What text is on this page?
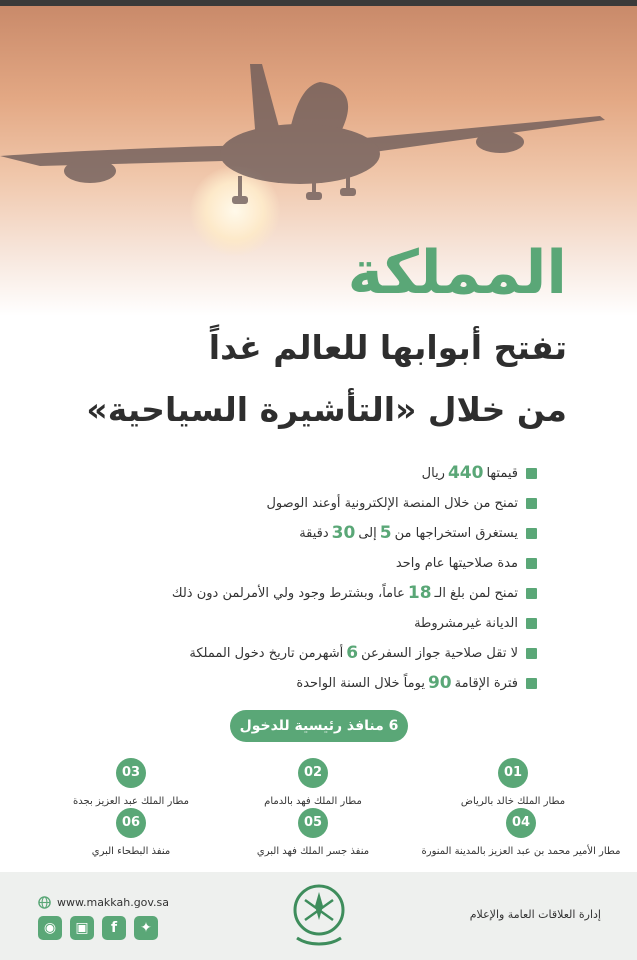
المملكة
تفتح أبوابها للعالم غداً
من خلال «التأشيرة السياحية»
قيمتها
440
ريال
تمنح من خلال المنصة الإلكترونية أوعند الوصول
يستغرق استخراجها من
5
إلى
30
دقيقة
مدة صلاحيتها عام واحد
تمنح لمن بلغ الـ
18
عاماً، وبشترط وجود ولي الأمرلمن دون ذلك
الديانة غيرمشروطة
لا تقل صلاحية جواز السفرعن
6
أشهرمن تاريخ دخول المملكة
فترة الإقامة
90
يوماً خلال السنة الواحدة
6 منافذ رئيسية للدخول
01
مطار الملك خالد بالرياض
02
مطار الملك فهد بالدمام
03
مطار الملك عبد العزيز بجدة
04
مطار الأمير محمد بن عبد العزيز بالمدينة المنورة
05
منفذ جسر الملك فهد البري
06
منفذ البطحاء البري
www.makkah.gov.sa
◉	▣	f	✦
إدارة العلاقات العامة والإعلام
